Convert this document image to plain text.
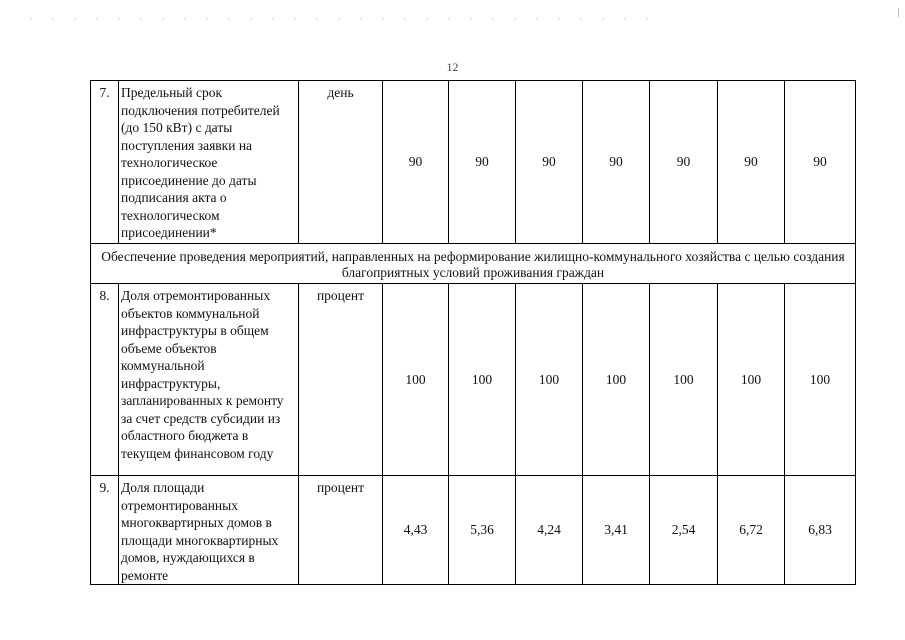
12
7.	Предельный срок подключения потребителей (до 150 кВт) с даты поступления заявки на технологическое присоединение до даты подписания акта о технологическом присоединении*	день	90	90	90	90	90	90	90
Обеспечение проведения мероприятий, направленных на реформирование жилищно-коммунального хозяйства с целью создания благоприятных условий проживания граждан									
8.	Доля отремонтированных объектов коммунальной инфраструктуры в общем объеме объектов коммунальной инфраструктуры, запланированных к ремонту за счет средств субсидии из областного бюджета в текущем финансовом году	процент	100	100	100	100	100	100	100
9.	Доля площади отремонтированных многоквартирных домов в площади многоквартирных домов, нуждающихся в ремонте	процент	4,43	5,36	4,24	3,41	2,54	6,72	6,83
